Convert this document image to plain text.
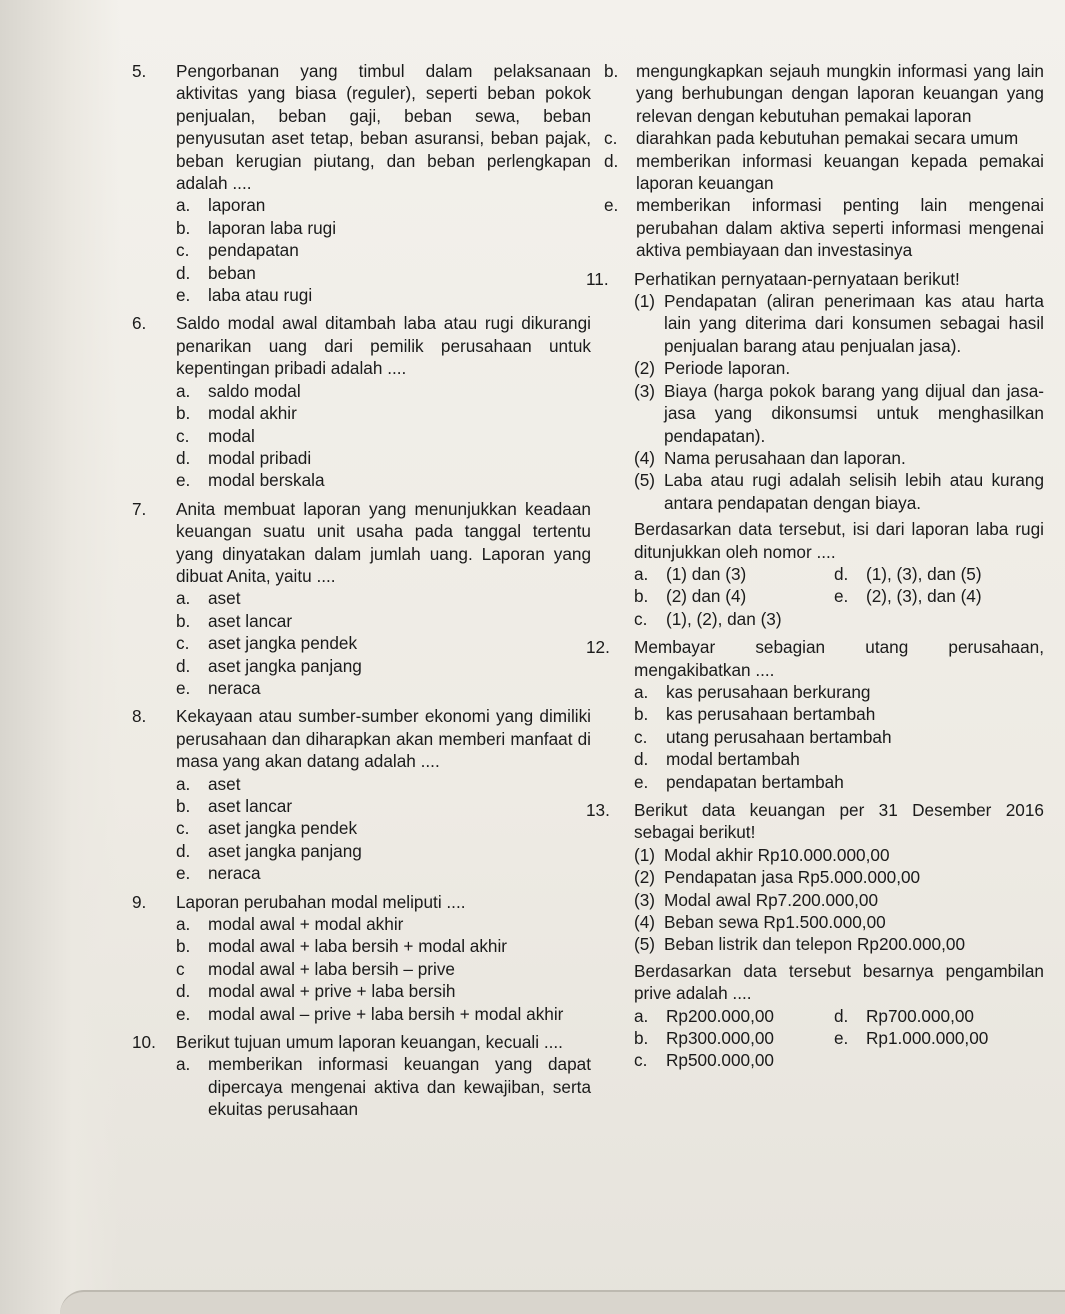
5. Pengorbanan yang timbul dalam pelaksanaan aktivitas yang biasa (reguler), seperti beban pokok penjualan, beban gaji, beban sewa, beban penyusutan aset tetap, beban asuransi, beban pajak, beban kerugian piutang, dan beban perlengkapan adalah ....
a. laporan
b. laporan laba rugi
c. pendapatan
d. beban
e. laba atau rugi
6. Saldo modal awal ditambah laba atau rugi dikurangi penarikan uang dari pemilik perusahaan untuk kepentingan pribadi adalah ....
a. saldo modal
b. modal akhir
c. modal
d. modal pribadi
e. modal berskala
7. Anita membuat laporan yang menunjukkan keadaan keuangan suatu unit usaha pada tanggal tertentu yang dinyatakan dalam jumlah uang. Laporan yang dibuat Anita, yaitu ....
a. aset
b. aset lancar
c. aset jangka pendek
d. aset jangka panjang
e. neraca
8. Kekayaan atau sumber-sumber ekonomi yang dimiliki perusahaan dan diharapkan akan memberi manfaat di masa yang akan datang adalah ....
a. aset
b. aset lancar
c. aset jangka pendek
d. aset jangka panjang
e. neraca
9. Laporan perubahan modal meliputi ....
a. modal awal + modal akhir
b. modal awal + laba bersih + modal akhir
c modal awal + laba bersih – prive
d. modal awal + prive + laba bersih
e. modal awal – prive + laba bersih + modal akhir
10. Berikut tujuan umum laporan keuangan, kecuali ....
a. memberikan informasi keuangan yang dapat dipercaya mengenai aktiva dan kewajiban, serta ekuitas perusahaan
b. mengungkapkan sejauh mungkin informasi yang lain yang berhubungan dengan laporan keuangan yang relevan dengan kebutuhan pemakai laporan
c. diarahkan pada kebutuhan pemakai secara umum
d. memberikan informasi keuangan kepada pemakai laporan keuangan
e. memberikan informasi penting lain mengenai perubahan dalam aktiva seperti informasi mengenai aktiva pembiayaan dan investasinya
11. Perhatikan pernyataan-pernyataan berikut!
(1) Pendapatan (aliran penerimaan kas atau harta lain yang diterima dari konsumen sebagai hasil penjualan barang atau penjualan jasa).
(2) Periode laporan.
(3) Biaya (harga pokok barang yang dijual dan jasa-jasa yang dikonsumsi untuk menghasilkan pendapatan).
(4) Nama perusahaan dan laporan.
(5) Laba atau rugi adalah selisih lebih atau kurang antara pendapatan dengan biaya.
Berdasarkan data tersebut, isi dari laporan laba rugi ditunjukkan oleh nomor ....
a. (1) dan (3)	d. (1), (3), dan (5)
b. (2) dan (4)	e. (2), (3), dan (4)
c. (1), (2), dan (3)
12. Membayar sebagian utang perusahaan, mengakibatkan ....
a. kas perusahaan berkurang
b. kas perusahaan bertambah
c. utang perusahaan bertambah
d. modal bertambah
e. pendapatan bertambah
13. Berikut data keuangan per 31 Desember 2016 sebagai berikut!
(1) Modal akhir Rp10.000.000,00
(2) Pendapatan jasa Rp5.000.000,00
(3) Modal awal Rp7.200.000,00
(4) Beban sewa Rp1.500.000,00
(5) Beban listrik dan telepon Rp200.000,00
Berdasarkan data tersebut besarnya pengambilan prive adalah ....
a. Rp200.000,00	d. Rp700.000,00
b. Rp300.000,00	e. Rp1.000.000,00
c. Rp500.000,00
